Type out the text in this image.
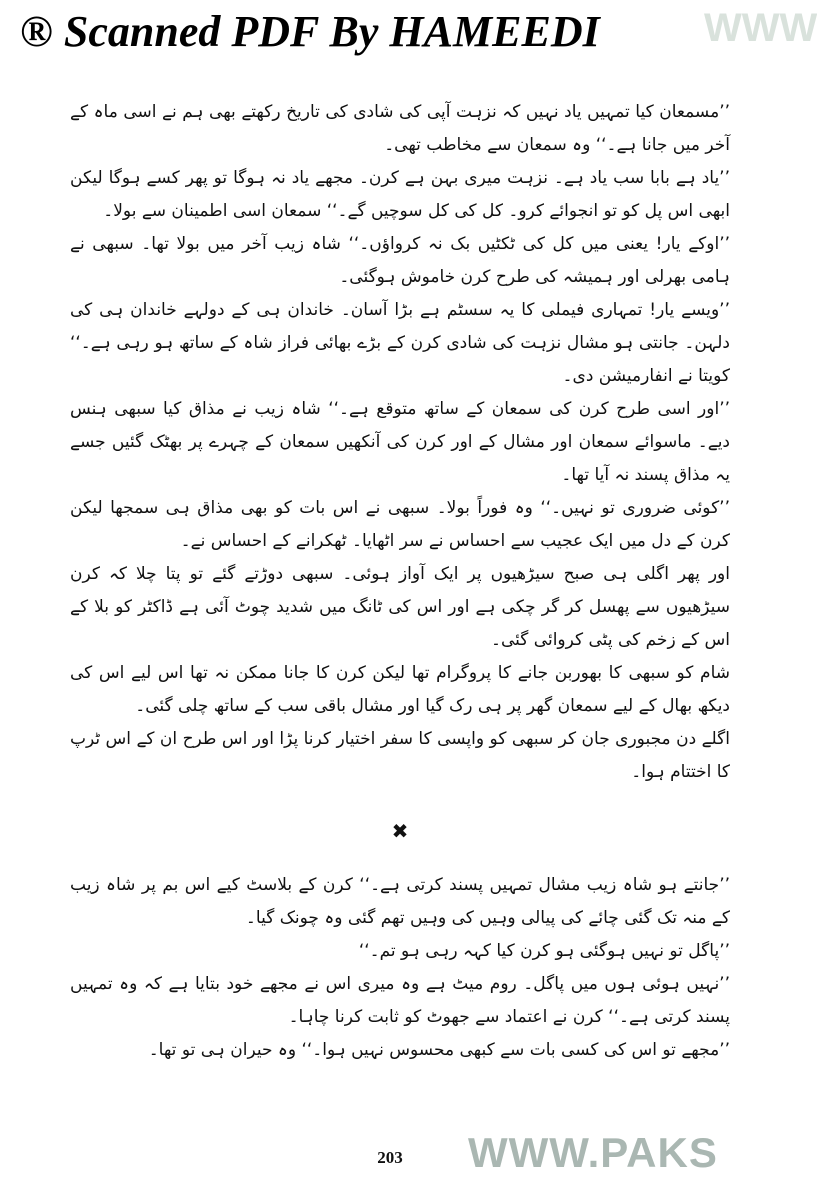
® Scanned PDF By HAMEEDI	WWW

’’مسمعان کیا تمہیں یاد نہیں کہ نزہت آپی کی شادی کی تاریخ رکھتے بھی ہم نے اسی ماہ کے آخر میں جانا ہے۔‘‘ وہ سمعان سے مخاطب تھی۔

’’یاد ہے بابا سب یاد ہے۔ نزہت میری بہن ہے کرن۔ مجھے یاد نہ ہوگا تو پھر کسے ہوگا لیکن ابھی اس پل کو تو انجوائے کرو۔ کل کی کل سوچیں گے۔‘‘ سمعان اسی اطمینان سے بولا۔

’’اوکے یار! یعنی میں کل کی ٹکٹیں بک نہ کرواؤں۔‘‘ شاہ زیب آخر میں بولا تھا۔ سبھی نے ہامی بھرلی اور ہمیشہ کی طرح کرن خاموش ہوگئی۔

’’ویسے یار! تمہاری فیملی کا یہ سسٹم ہے بڑا آسان۔ خاندان ہی کے دولہے خاندان ہی کی دلہن۔ جانتی ہو مشال نزہت کی شادی کرن کے بڑے بھائی فراز شاہ کے ساتھ ہو رہی ہے۔‘‘ کویتا نے انفارمیشن دی۔

’’اور اسی طرح کرن کی سمعان کے ساتھ متوقع ہے۔‘‘ شاہ زیب نے مذاق کیا سبھی ہنس دیے۔ ماسوائے سمعان اور مشال کے اور کرن کی آنکھیں سمعان کے چہرے پر بھٹک گئیں جسے یہ مذاق پسند نہ آیا تھا۔

’’کوئی ضروری تو نہیں۔‘‘ وہ فوراً بولا۔ سبھی نے اس بات کو بھی مذاق ہی سمجھا لیکن کرن کے دل میں ایک عجیب سے احساس نے سر اٹھایا۔ ٹھکرانے کے احساس نے۔

اور پھر اگلی ہی صبح سیڑھیوں پر ایک آواز ہوئی۔ سبھی دوڑتے گئے تو پتا چلا کہ کرن سیڑھیوں سے پھسل کر گر چکی ہے اور اس کی ٹانگ میں شدید چوٹ آئی ہے ڈاکٹر کو بلا کے اس کے زخم کی پٹی کروائی گئی۔

شام کو سبھی کا بھوربن جانے کا پروگرام تھا لیکن کرن کا جانا ممکن نہ تھا اس لیے اس کی دیکھ بھال کے لیے سمعان گھر پر ہی رک گیا اور مشال باقی سب کے ساتھ چلی گئی۔

اگلے دن مجبوری جان کر سبھی کو واپسی کا سفر اختیار کرنا پڑا اور اس طرح ان کے اس ٹرپ کا اختتام ہوا۔

✖

’’جانتے ہو شاہ زیب مشال تمہیں پسند کرتی ہے۔‘‘ کرن کے بلاسٹ کیے اس بم پر شاہ زیب کے منہ تک گئی چائے کی پیالی وہیں کی وہیں تھم گئی وہ چونک گیا۔

’’پاگل تو نہیں ہوگئی ہو کرن کیا کہہ رہی ہو تم۔‘‘

’’نہیں ہوئی ہوں میں پاگل۔ روم میٹ ہے وہ میری اس نے مجھے خود بتایا ہے کہ وہ تمہیں پسند کرتی ہے۔‘‘ کرن نے اعتماد سے جھوٹ کو ثابت کرنا چاہا۔

’’مجھے تو اس کی کسی بات سے کبھی محسوس نہیں ہوا۔‘‘ وہ حیران ہی تو تھا۔

203	WWW.PAKS
